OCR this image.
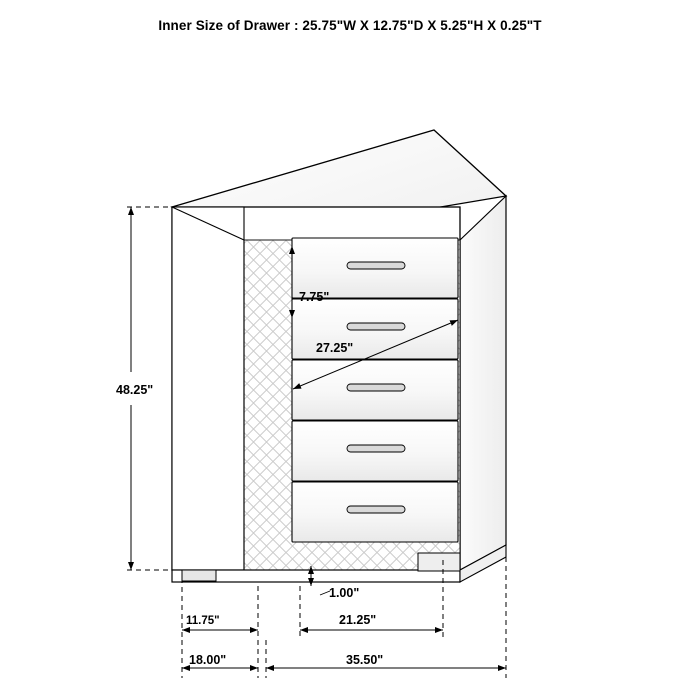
Inner Size of Drawer : 25.75"W X 12.75"D X 5.25"H X 0.25"T
48.25"
7.75"
27.25"
1.00"
11.75"	21.25"
18.00"	35.50"
